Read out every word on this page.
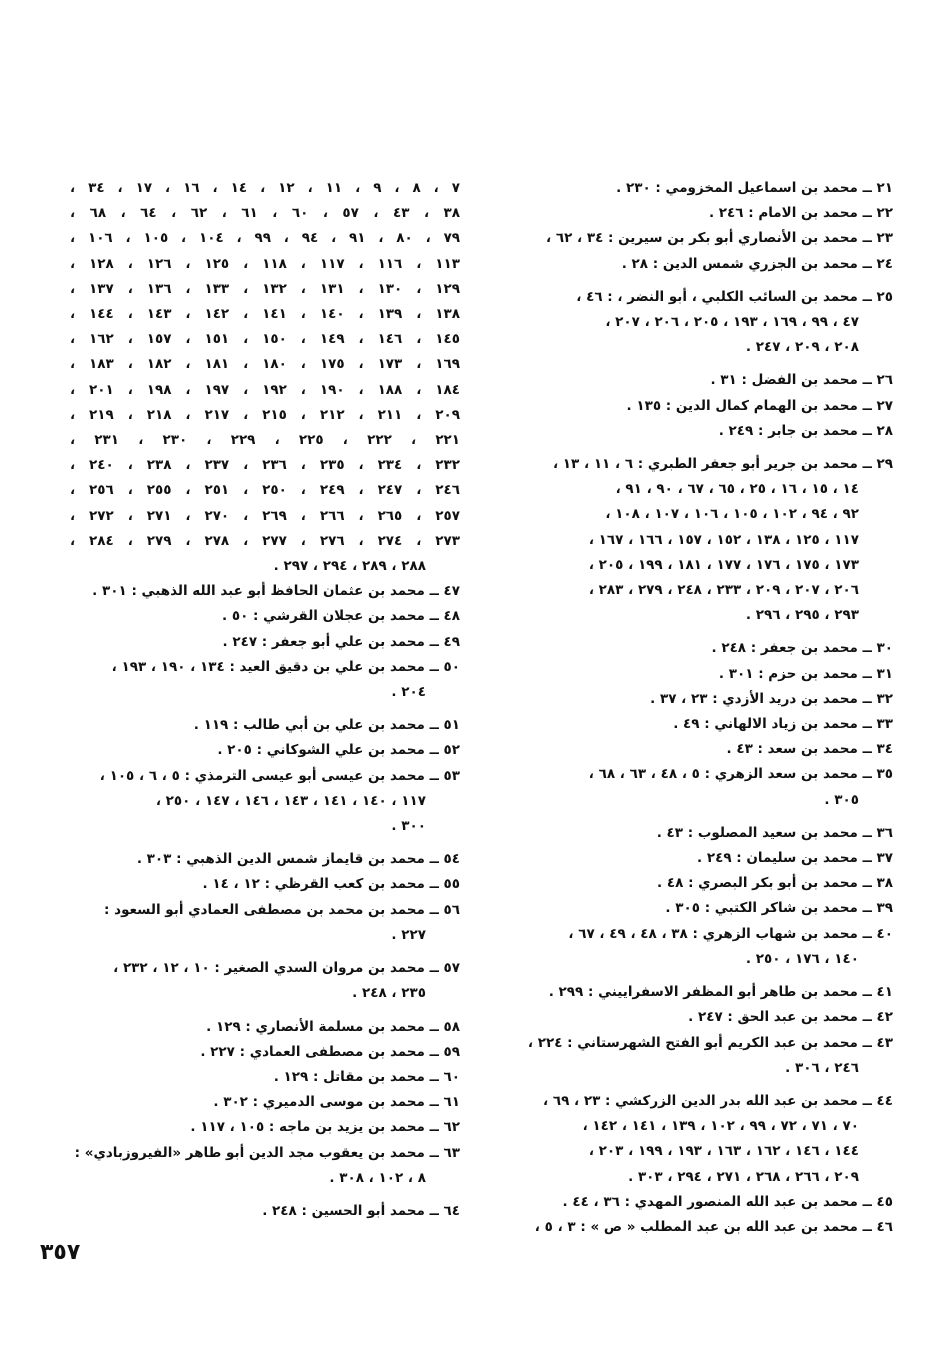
٢١ ــ محمد بن اسماعيل المخزومي : ٢٣٠ .
٢٢ ــ محمد بن الامام : ٢٤٦ .
٢٣ ــ محمد بن الأنصاري أبو بكر بن سيرين : ٣٤ ، ٦٢ ،
٢٤ ــ محمد بن الجزري شمس الدين : ٢٨ .
٢٥ ــ محمد بن السائب الكلبي ، أبو النضر ، : ٤٦ ،
٤٧ ، ٩٩ ، ١٦٩ ، ١٩٣ ، ٢٠٥ ، ٢٠٦ ، ٢٠٧ ،
٢٠٨ ، ٢٠٩ ، ٢٤٧ .
٢٦ ــ محمد بن الفضل : ٣١ .
٢٧ ــ محمد بن الهمام كمال الدين : ١٣٥ .
٢٨ ــ محمد بن جابر : ٢٤٩ .
٢٩ ــ محمد بن جرير أبو جعفر الطبري : ٦ ، ١١ ، ١٣ ،
١٤ ، ١٥ ، ١٦ ، ٢٥ ، ٦٥ ، ٦٧ ، ٩٠ ، ٩١ ،
٩٢ ، ٩٤ ، ١٠٢ ، ١٠٥ ، ١٠٦ ، ١٠٧ ، ١٠٨ ،
١١٧ ، ١٢٥ ، ١٣٨ ، ١٥٢ ، ١٥٧ ، ١٦٦ ، ١٦٧ ،
١٧٣ ، ١٧٥ ، ١٧٦ ، ١٧٧ ، ١٨١ ، ١٩٩ ، ٢٠٥ ،
٢٠٦ ، ٢٠٧ ، ٢٠٩ ، ٢٣٣ ، ٢٤٨ ، ٢٧٩ ، ٢٨٣ ،
٢٩٣ ، ٢٩٥ ، ٢٩٦ .
٣٠ ــ محمد بن جعفر : ٢٤٨ .
٣١ ــ محمد بن حزم : ٣٠١ .
٣٢ ــ محمد بن دريد الأزدي : ٢٣ ، ٣٧ .
٣٣ ــ محمد بن زياد الالهاني : ٤٩ .
٣٤ ــ محمد بن سعد : ٤٣ .
٣٥ ــ محمد بن سعد الزهري : ٥ ، ٤٨ ، ٦٣ ، ٦٨ ،
٣٠٥ .
٣٦ ــ محمد بن سعيد المصلوب : ٤٣ .
٣٧ ــ محمد بن سليمان : ٢٤٩ .
٣٨ ــ محمد بن أبو بكر البصري : ٤٨ .
٣٩ ــ محمد بن شاكر الكتبي : ٣٠٥ .
٤٠ ــ محمد بن شهاب الزهري : ٣٨ ، ٤٨ ، ٤٩ ، ٦٧ ،
١٤٠ ، ١٧٦ ، ٢٥٠ .
٤١ ــ محمد بن طاهر أبو المظفر الاسفراييني : ٢٩٩ .
٤٢ ــ محمد بن عبد الحق : ٢٤٧ .
٤٣ ــ محمد بن عبد الكريم أبو الفتح الشهرستاني : ٢٢٤ ،
٢٤٦ ، ٣٠٦ .
٤٤ ــ محمد بن عبد الله بدر الدين الزركشي : ٢٣ ، ٦٩ ،
٧٠ ، ٧١ ، ٧٢ ، ٩٩ ، ١٠٢ ، ١٣٩ ، ١٤١ ، ١٤٢ ،
١٤٤ ، ١٤٦ ، ١٦٢ ، ١٦٣ ، ١٩٣ ، ١٩٩ ، ٢٠٣ ،
٢٠٩ ، ٢٦٦ ، ٢٦٨ ، ٢٧١ ، ٢٩٤ ، ٣٠٣ .
٤٥ ــ محمد بن عبد الله المنصور المهدي : ٣٦ ، ٤٤ .
٤٦ ــ محمد بن عبد الله بن عبد المطلب « ص » : ٣ ، ٥ ،
٧ ، ٨ ، ٩ ، ١١ ، ١٢ ، ١٤ ، ١٦ ، ١٧ ، ٣٤ ،
٣٨ ، ٤٣ ، ٥٧ ، ٦٠ ، ٦١ ، ٦٢ ، ٦٤ ، ٦٨ ،
٧٩ ، ٨٠ ، ٩١ ، ٩٤ ، ٩٩ ، ١٠٤ ، ١٠٥ ، ١٠٦ ،
١١٣ ، ١١٦ ، ١١٧ ، ١١٨ ، ١٢٥ ، ١٢٦ ، ١٢٨ ،
١٢٩ ، ١٣٠ ، ١٣١ ، ١٣٢ ، ١٣٣ ، ١٣٦ ، ١٣٧ ،
١٣٨ ، ١٣٩ ، ١٤٠ ، ١٤١ ، ١٤٢ ، ١٤٣ ، ١٤٤ ،
١٤٥ ، ١٤٦ ، ١٤٩ ، ١٥٠ ، ١٥١ ، ١٥٧ ، ١٦٢ ،
١٦٩ ، ١٧٣ ، ١٧٥ ، ١٨٠ ، ١٨١ ، ١٨٢ ، ١٨٣ ،
١٨٤ ، ١٨٨ ، ١٩٠ ، ١٩٢ ، ١٩٧ ، ١٩٨ ، ٢٠١ ،
٢٠٩ ، ٢١١ ، ٢١٢ ، ٢١٥ ، ٢١٧ ، ٢١٨ ، ٢١٩ ،
٢٢١ ، ٢٢٢ ، ٢٢٥ ، ٢٢٩ ، ٢٣٠ ، ٢٣١ ،
٢٣٢ ، ٢٣٤ ، ٢٣٥ ، ٢٣٦ ، ٢٣٧ ، ٢٣٨ ، ٢٤٠ ،
٢٤٦ ، ٢٤٧ ، ٢٤٩ ، ٢٥٠ ، ٢٥١ ، ٢٥٥ ، ٢٥٦ ،
٢٥٧ ، ٢٦٥ ، ٢٦٦ ، ٢٦٩ ، ٢٧٠ ، ٢٧١ ، ٢٧٢ ،
٢٧٣ ، ٢٧٤ ، ٢٧٦ ، ٢٧٧ ، ٢٧٨ ، ٢٧٩ ، ٢٨٤ ،
٢٨٨ ، ٢٨٩ ، ٢٩٤ ، ٢٩٧ .
٤٧ ــ محمد بن عثمان الحافظ أبو عبد الله الذهبي : ٣٠١ .
٤٨ ــ محمد بن عجلان القرشي : ٥٠ .
٤٩ ــ محمد بن علي أبو جعفر : ٢٤٧ .
٥٠ ــ محمد بن علي بن دقيق العيد : ١٣٤ ، ١٩٠ ، ١٩٣ ،
٢٠٤ .
٥١ ــ محمد بن علي بن أبي طالب : ١١٩ .
٥٢ ــ محمد بن علي الشوكاني : ٢٠٥ .
٥٣ ــ محمد بن عيسى أبو عيسى الترمذي : ٥ ، ٦ ، ١٠٥ ،
١١٧ ، ١٤٠ ، ١٤١ ، ١٤٣ ، ١٤٦ ، ١٤٧ ، ٢٥٠ ،
٣٠٠ .
٥٤ ــ محمد بن قايماز شمس الدين الذهبي : ٣٠٣ .
٥٥ ــ محمد بن كعب القرظي : ١٢ ، ١٤ .
٥٦ ــ محمد بن محمد بن مصطفى العمادي أبو السعود :
٢٢٧ .
٥٧ ــ محمد بن مروان السدي الصغير : ١٠ ، ١٢ ، ٢٣٢ ،
٢٣٥ ، ٢٤٨ .
٥٨ ــ محمد بن مسلمة الأنصاري : ١٢٩ .
٥٩ ــ محمد بن مصطفى العمادي : ٢٢٧ .
٦٠ ــ محمد بن مقاتل : ١٢٩ .
٦١ ــ محمد بن موسى الدميري : ٣٠٢ .
٦٢ ــ محمد بن يزيد بن ماجه : ١٠٥ ، ١١٧ .
٦٣ ــ محمد بن يعقوب مجد الدين أبو طاهر «الفيروزبادي» :
٨ ، ١٠٢ ، ٣٠٨ .
٦٤ ــ محمد أبو الحسين : ٢٤٨ .
٣٥٧
